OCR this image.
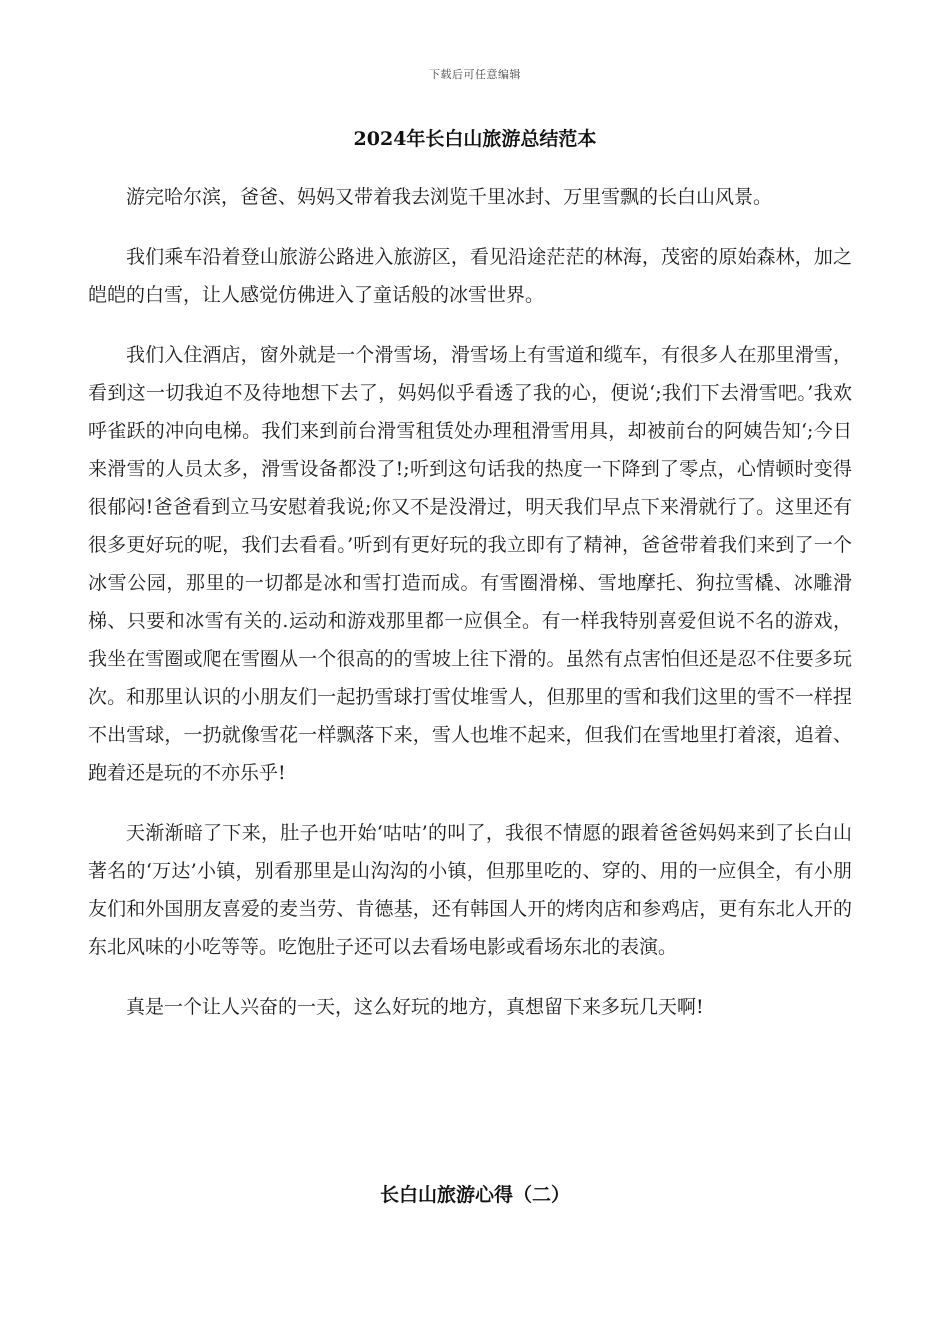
下载后可任意编辑
2024年长白山旅游总结范本

游完哈尔滨，爸爸、妈妈又带着我去浏览千里冰封、万里雪飘的长白山风景。

我们乘车沿着登山旅游公路进入旅游区，看见沿途茫茫的林海，茂密的原始森林，加之皑皑的白雪，让人感觉仿佛进入了童话般的冰雪世界。

我们入住酒店，窗外就是一个滑雪场，滑雪场上有雪道和缆车，有很多人在那里滑雪，看到这一切我迫不及待地想下去了，妈妈似乎看透了我的心，便说‘;我们下去滑雪吧。’我欢呼雀跃的冲向电梯。我们来到前台滑雪租赁处办理租滑雪用具，却被前台的阿姨告知‘;今日来滑雪的人员太多，滑雪设备都没了!;听到这句话我的热度一下降到了零点，心情顿时变得很郁闷!爸爸看到立马安慰着我说;你又不是没滑过，明天我们早点下来滑就行了。这里还有很多更好玩的呢，我们去看看。’听到有更好玩的我立即有了精神，爸爸带着我们来到了一个冰雪公园，那里的一切都是冰和雪打造而成。有雪圈滑梯、雪地摩托、狗拉雪橇、冰雕滑梯、只要和冰雪有关的.运动和游戏那里都一应俱全。有一样我特别喜爱但说不名的游戏，我坐在雪圈或爬在雪圈从一个很高的的雪坡上往下滑的。虽然有点害怕但还是忍不住要多玩次。和那里认识的小朋友们一起扔雪球打雪仗堆雪人，但那里的雪和我们这里的雪不一样捏不出雪球，一扔就像雪花一样飘落下来，雪人也堆不起来，但我们在雪地里打着滚，追着、跑着还是玩的不亦乐乎!

天渐渐暗了下来，肚子也开始‘咕咕’的叫了，我很不情愿的跟着爸爸妈妈来到了长白山著名的‘万达’小镇，别看那里是山沟沟的小镇，但那里吃的、穿的、用的一应俱全，有小朋友们和外国朋友喜爱的麦当劳、肯德基，还有韩国人开的烤肉店和参鸡店，更有东北人开的东北风味的小吃等等。吃饱肚子还可以去看场电影或看场东北的表演。

真是一个让人兴奋的一天，这么好玩的地方，真想留下来多玩几天啊!

长白山旅游心得（二）
